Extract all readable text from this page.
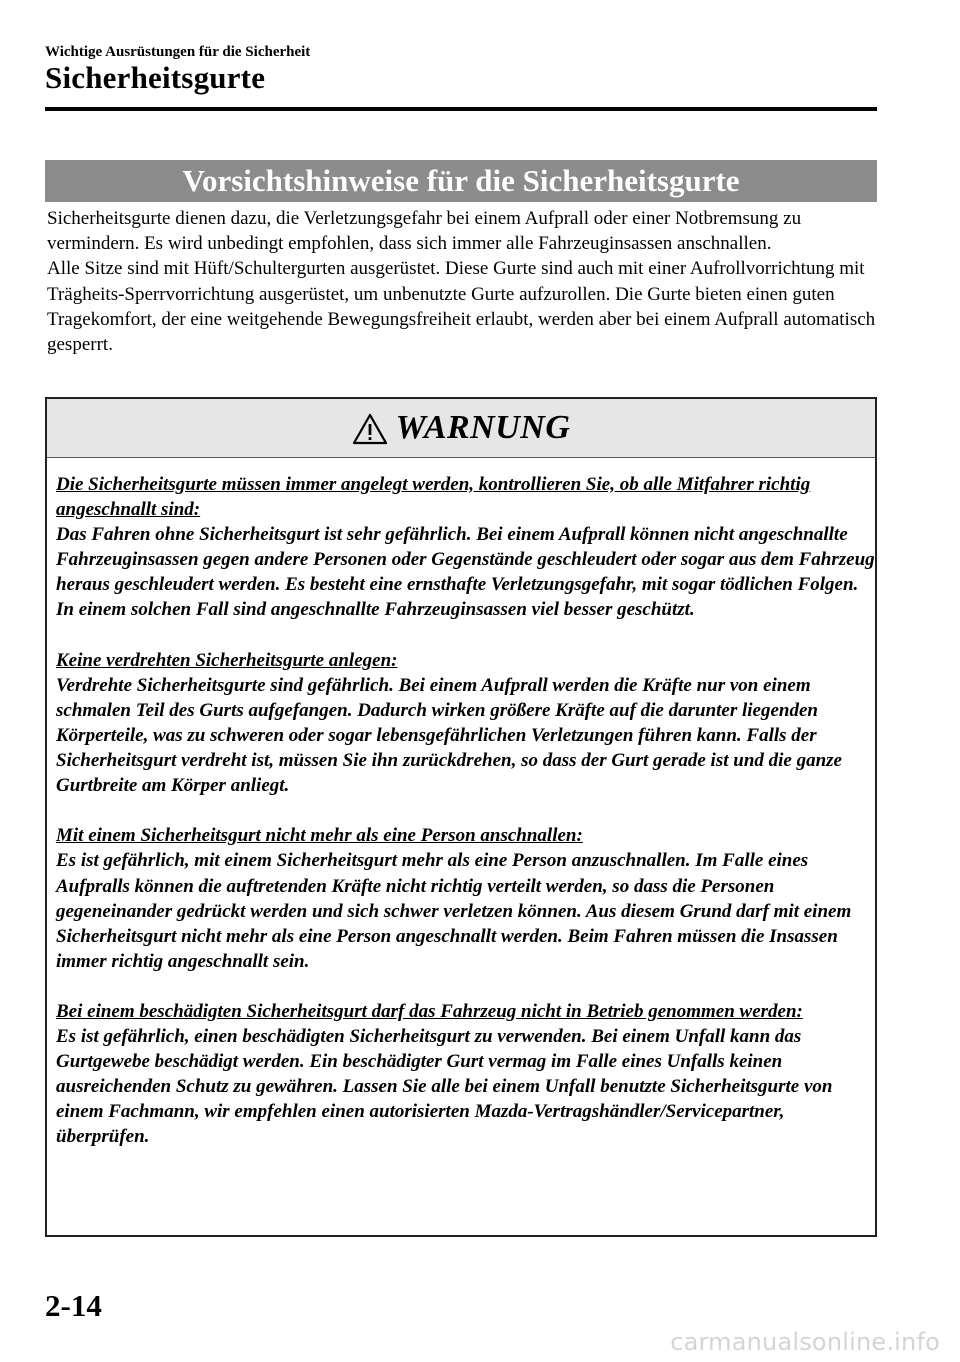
Wichtige Ausrüstungen für die Sicherheit
Sicherheitsgurte
Vorsichtshinweise für die Sicherheitsgurte

Sicherheitsgurte dienen dazu, die Verletzungsgefahr bei einem Aufprall oder einer Notbremsung zu vermindern. Es wird unbedingt empfohlen, dass sich immer alle Fahrzeuginsassen anschnallen.

Alle Sitze sind mit Hüft/Schultergurten ausgerüstet. Diese Gurte sind auch mit einer Aufrollvorrichtung mit Trägheits-Sperrvorrichtung ausgerüstet, um unbenutzte Gurte aufzurollen. Die Gurte bieten einen guten Tragekomfort, der eine weitgehende Bewegungsfreiheit erlaubt, werden aber bei einem Aufprall automatisch gesperrt.

WARNUNG

Die Sicherheitsgurte müssen immer angelegt werden, kontrollieren Sie, ob alle Mitfahrer richtig angeschnallt sind:

Das Fahren ohne Sicherheitsgurt ist sehr gefährlich. Bei einem Aufprall können nicht angeschnallte Fahrzeuginsassen gegen andere Personen oder Gegenstände geschleudert oder sogar aus dem Fahrzeug heraus geschleudert werden. Es besteht eine ernsthafte Verletzungsgefahr, mit sogar tödlichen Folgen. In einem solchen Fall sind angeschnallte Fahrzeuginsassen viel besser geschützt.

Keine verdrehten Sicherheitsgurte anlegen:

Verdrehte Sicherheitsgurte sind gefährlich. Bei einem Aufprall werden die Kräfte nur von einem schmalen Teil des Gurts aufgefangen. Dadurch wirken größere Kräfte auf die darunter liegenden Körperteile, was zu schweren oder sogar lebensgefährlichen Verletzungen führen kann. Falls der Sicherheitsgurt verdreht ist, müssen Sie ihn zurückdrehen, so dass der Gurt gerade ist und die ganze Gurtbreite am Körper anliegt.

Mit einem Sicherheitsgurt nicht mehr als eine Person anschnallen:

Es ist gefährlich, mit einem Sicherheitsgurt mehr als eine Person anzuschnallen. Im Falle eines Aufpralls können die auftretenden Kräfte nicht richtig verteilt werden, so dass die Personen gegeneinander gedrückt werden und sich schwer verletzen können. Aus diesem Grund darf mit einem Sicherheitsgurt nicht mehr als eine Person angeschnallt werden. Beim Fahren müssen die Insassen immer richtig angeschnallt sein.

Bei einem beschädigten Sicherheitsgurt darf das Fahrzeug nicht in Betrieb genommen werden:

Es ist gefährlich, einen beschädigten Sicherheitsgurt zu verwenden. Bei einem Unfall kann das Gurtgewebe beschädigt werden. Ein beschädigter Gurt vermag im Falle eines Unfalls keinen ausreichenden Schutz zu gewähren. Lassen Sie alle bei einem Unfall benutzte Sicherheitsgurte von einem Fachmann, wir empfehlen einen autorisierten Mazda-Vertragshändler/Servicepartner, überprüfen.

2-14
carmanualsonline.info
